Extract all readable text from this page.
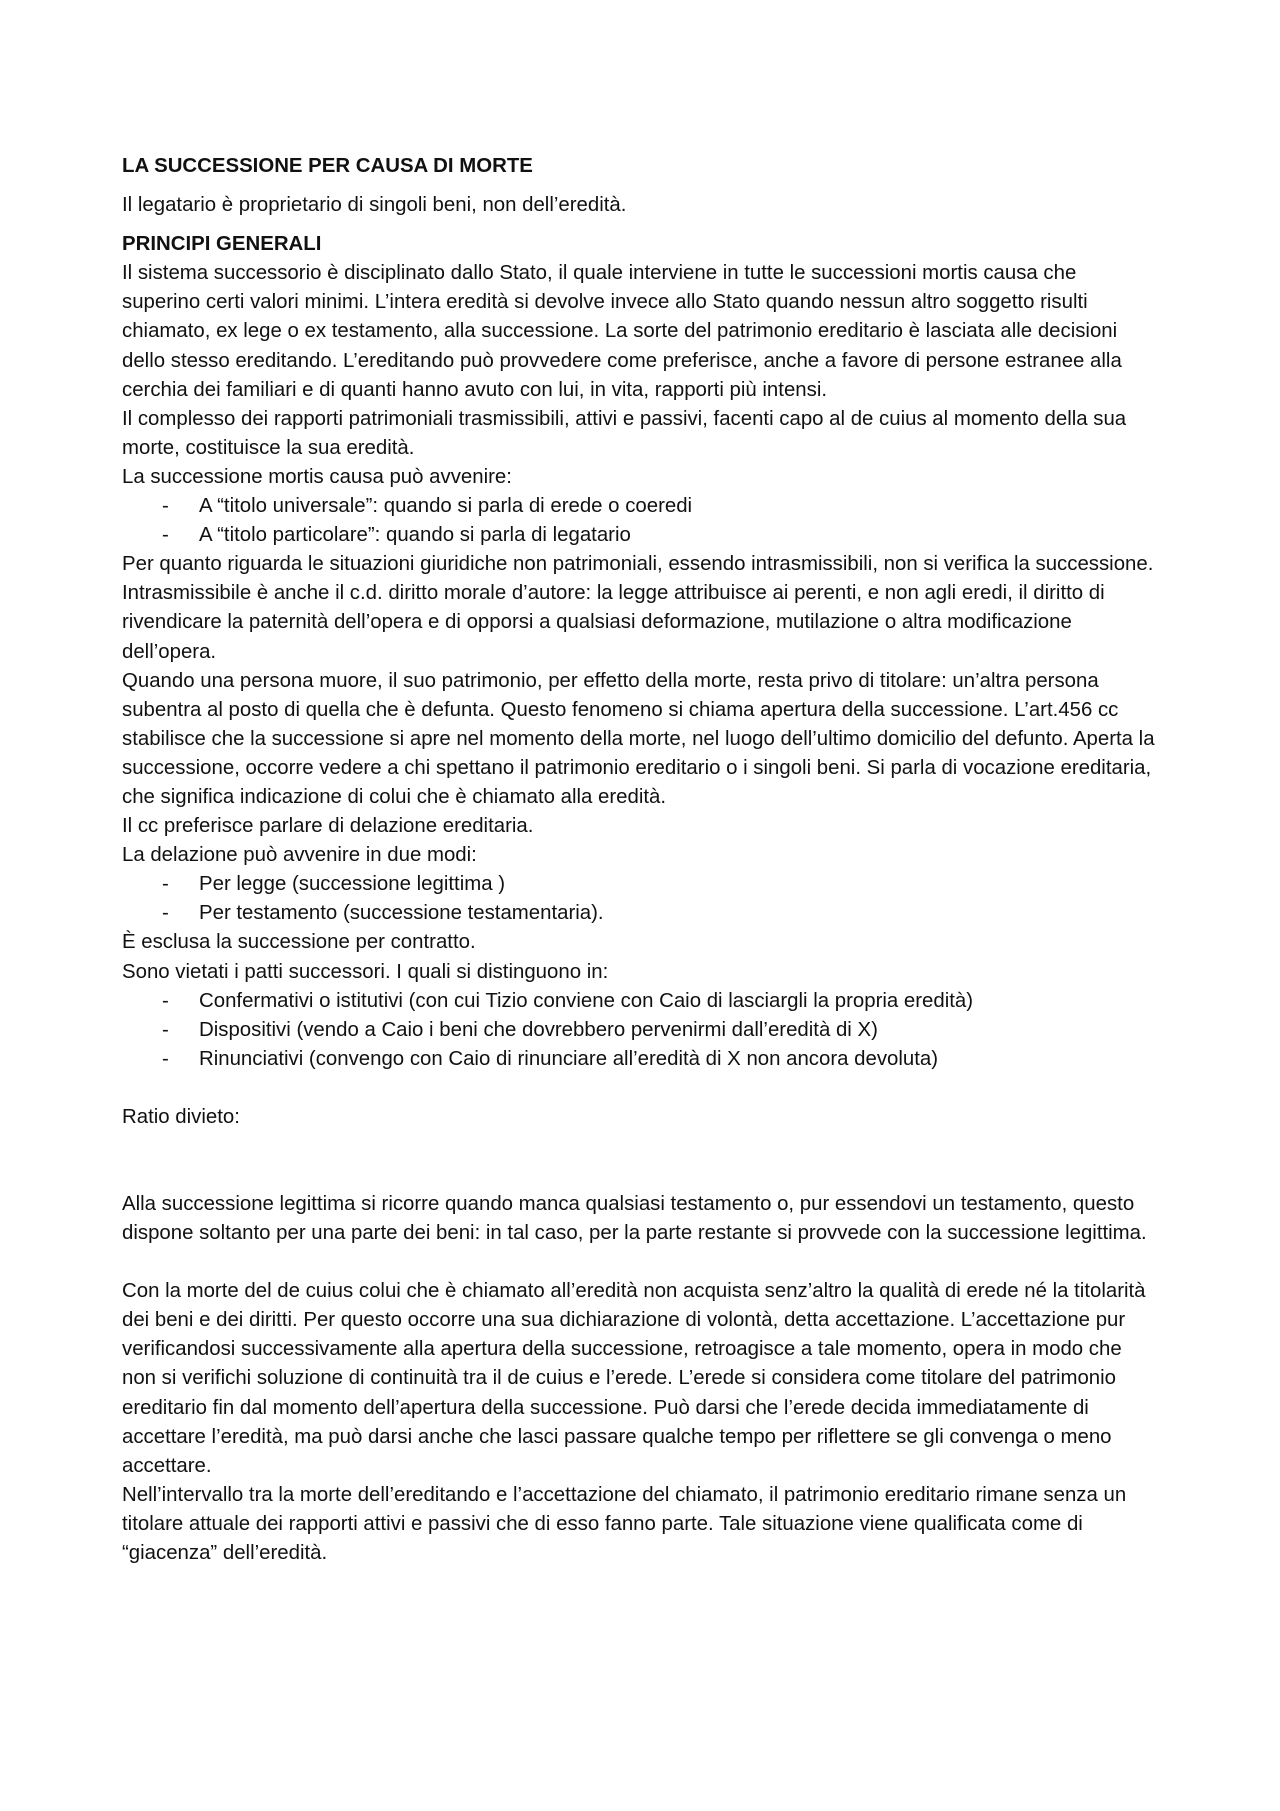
LA SUCCESSIONE PER CAUSA DI MORTE

Il legatario è proprietario di singoli beni, non dell’eredità.

PRINCIPI GENERALI

Il sistema successorio è disciplinato dallo Stato, il quale interviene in tutte le successioni mortis causa che superino certi valori minimi. L’intera eredità si devolve invece allo Stato quando nessun altro soggetto risulti chiamato, ex lege o ex testamento, alla successione. La sorte del patrimonio ereditario è lasciata alle decisioni dello stesso ereditando. L’ereditando può provvedere come preferisce, anche a favore di persone estranee alla cerchia dei familiari e di quanti hanno avuto con lui, in vita, rapporti più intensi.

Il complesso dei rapporti patrimoniali trasmissibili, attivi e passivi, facenti capo al de cuius al momento della sua morte, costituisce la sua eredità.

La successione mortis causa può avvenire:

- A “titolo universale”: quando si parla di erede o coeredi
- A “titolo particolare”: quando si parla di legatario

Per quanto riguarda le situazioni giuridiche non patrimoniali, essendo intrasmissibili, non si verifica la successione.

Intrasmissibile è anche il c.d. diritto morale d’autore: la legge attribuisce ai perenti, e non agli eredi, il diritto di rivendicare la paternità dell’opera e di opporsi a qualsiasi deformazione, mutilazione o altra modificazione dell’opera.

Quando una persona muore, il suo patrimonio, per effetto della morte, resta privo di titolare: un’altra persona subentra al posto di quella che è defunta. Questo fenomeno si chiama apertura della successione. L’art.456 cc stabilisce che la successione si apre nel momento della morte, nel luogo dell’ultimo domicilio del defunto. Aperta la successione, occorre vedere a chi spettano il patrimonio ereditario o i singoli beni. Si parla di vocazione ereditaria, che significa indicazione di colui che è chiamato alla eredità.

Il cc preferisce parlare di delazione ereditaria.

La delazione può avvenire in due modi:

- Per legge (successione legittima )
- Per testamento (successione testamentaria).

È esclusa la successione per contratto.

Sono vietati i patti successori. I quali si distinguono in:

- Confermativi o istitutivi (con cui Tizio conviene con Caio di lasciargli la propria eredità)
- Dispositivi (vendo a Caio i beni che dovrebbero pervenirmi dall’eredità di X)
- Rinunciativi (convengo con Caio di rinunciare all’eredità di X non ancora devoluta)

Ratio divieto:

Alla successione legittima si ricorre quando manca qualsiasi testamento o, pur essendovi un testamento, questo dispone soltanto per una parte dei beni: in tal caso, per la parte restante si provvede con la successione legittima.

Con la morte del de cuius colui che è chiamato all’eredità non acquista senz’altro la qualità di erede né la titolarità dei beni e dei diritti. Per questo occorre una sua dichiarazione di volontà, detta accettazione. L’accettazione pur verificandosi successivamente alla apertura della successione, retroagisce a tale momento, opera in modo che non si verifichi soluzione di continuità tra il de cuius e l’erede. L’erede si considera come titolare del patrimonio ereditario fin dal momento dell’apertura della successione. Può darsi che l’erede decida immediatamente di accettare l’eredità, ma può darsi anche che lasci passare qualche tempo per riflettere se gli convenga o meno accettare.

Nell’intervallo tra la morte dell’ereditando e l’accettazione del chiamato, il patrimonio ereditario rimane senza un titolare attuale dei rapporti attivi e passivi che di esso fanno parte. Tale situazione viene qualificata come di “giacenza” dell’eredità.
